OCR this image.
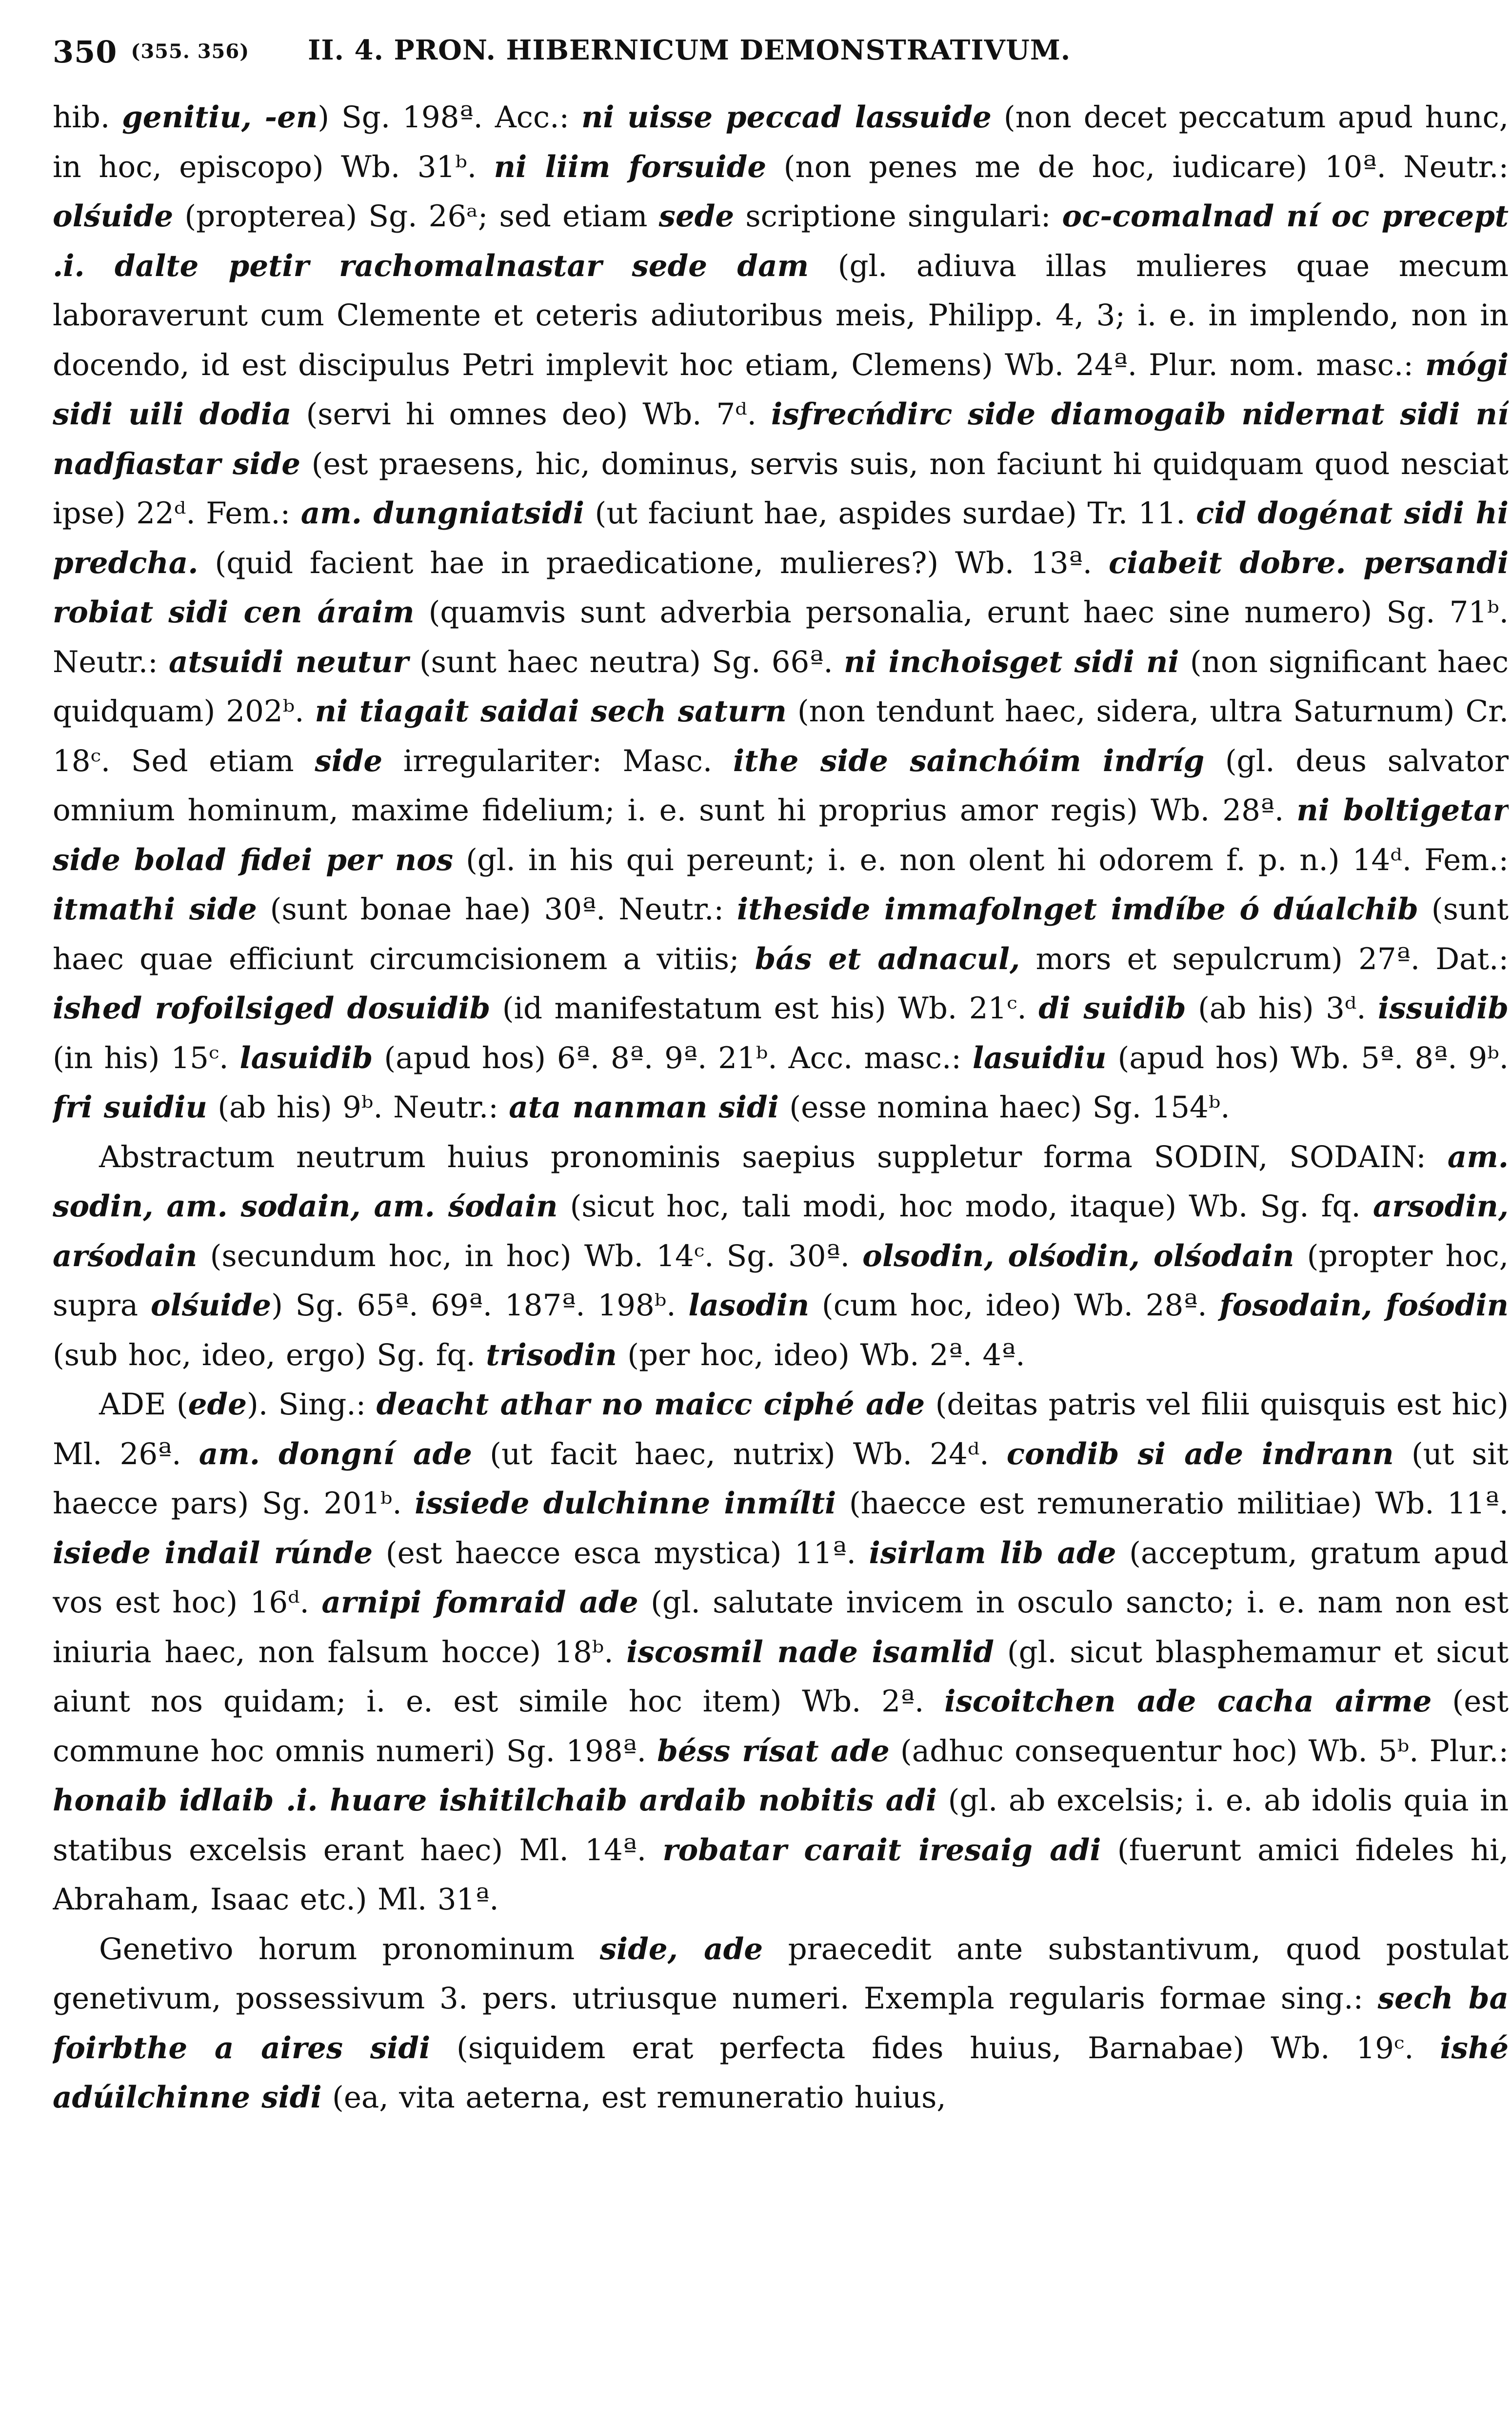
350 (355. 356) II. 4. PRON. HIBERNICUM DEMONSTRATIVUM.

hib. genitiu, -en) Sg. 198ª. Acc.: ni uisse peccad lassuide (non decet peccatum apud hunc, in hoc, episcopo) Wb. 31ᵇ. ni liim forsuide (non penes me de hoc, iudicare) 10ª. Neutr.: olśuide (propterea) Sg. 26ᵃ; sed etiam sede scriptione singulari: oc-comalnad ní oc precept .i. dalte petir rachomalnastar sede dam (gl. adiuva illas mulieres quae mecum laboraverunt cum Clemente et ceteris adiutoribus meis, Philipp. 4, 3; i. e. in implendo, non in docendo, id est discipulus Petri implevit hoc etiam, Clemens) Wb. 24ª. Plur. nom. masc.: mógi sidi uili dodia (servi hi omnes deo) Wb. 7ᵈ. isfrecńdirc side diamogaib nidernat sidi ní nadfiastar side (est praesens, hic, dominus, servis suis, non faciunt hi quidquam quod nesciat ipse) 22ᵈ. Fem.: am. dungniatsidi (ut faciunt hae, aspides surdae) Tr. 11. cid dogénat sidi hi predcha. (quid facient hae in praedicatione, mulieres?) Wb. 13ª. ciabeit dobre. persandi robiat sidi cen áraim (quamvis sunt adverbia personalia, erunt haec sine numero) Sg. 71ᵇ. Neutr.: atsuidi neutur (sunt haec neutra) Sg. 66ª. ni inchoisget sidi ni (non significant haec quidquam) 202ᵇ. ni tiagait saidai sech saturn (non tendunt haec, sidera, ultra Saturnum) Cr. 18ᶜ. Sed etiam side irregulariter: Masc. ithe side sainchóim indríg (gl. deus salvator omnium hominum, maxime fidelium; i. e. sunt hi proprius amor regis) Wb. 28ª. ni boltigetar side bolad fidei per nos (gl. in his qui pereunt; i. e. non olent hi odorem f. p. n.) 14ᵈ. Fem.: itmathi side (sunt bonae hae) 30ª. Neutr.: itheside immafolnget imdíbe ó dúalchib (sunt haec quae efficiunt circumcisionem a vitiis; bás et adnacul, mors et sepulcrum) 27ª. Dat.: ished rofoilsiged dosuidib (id manifestatum est his) Wb. 21ᶜ. di suidib (ab his) 3ᵈ. issuidib (in his) 15ᶜ. lasuidib (apud hos) 6ª. 8ª. 9ª. 21ᵇ. Acc. masc.: lasuidiu (apud hos) Wb. 5ª. 8ª. 9ᵇ. fri suidiu (ab his) 9ᵇ. Neutr.: ata nanman sidi (esse nomina haec) Sg. 154ᵇ.

Abstractum neutrum huius pronominis saepius suppletur forma SODIN, SODAIN: am. sodin, am. sodain, am. śodain (sicut hoc, tali modi, hoc modo, itaque) Wb. Sg. fq. arsodin, arśodain (secundum hoc, in hoc) Wb. 14ᶜ. Sg. 30ª. olsodin, olśodin, olśodain (propter hoc, supra olśuide) Sg. 65ª. 69ª. 187ª. 198ᵇ. lasodin (cum hoc, ideo) Wb. 28ª. fosodain, fośodin (sub hoc, ideo, ergo) Sg. fq. trisodin (per hoc, ideo) Wb. 2ª. 4ª.

ADE (ede). Sing.: deacht athar no maicc ciphé ade (deitas patris vel filii quisquis est hic) Ml. 26ª. am. dongní ade (ut facit haec, nutrix) Wb. 24ᵈ. condib si ade indrann (ut sit haecce pars) Sg. 201ᵇ. issiede dulchinne inmílti (haecce est remuneratio militiae) Wb. 11ª. isiede indail rúnde (est haecce esca mystica) 11ª. isirlam lib ade (acceptum, gratum apud vos est hoc) 16ᵈ. arnipi fomraid ade (gl. salutate invicem in osculo sancto; i. e. nam non est iniuria haec, non falsum hocce) 18ᵇ. iscosmil nade isamlid (gl. sicut blasphemamur et sicut aiunt nos quidam; i. e. est simile hoc item) Wb. 2ª. iscoitchen ade cacha airme (est commune hoc omnis numeri) Sg. 198ª. béss rísat ade (adhuc consequentur hoc) Wb. 5ᵇ. Plur.: honaib idlaib .i. huare ishitilchaib ardaib nobitis adi (gl. ab excelsis; i. e. ab idolis quia in statibus excelsis erant haec) Ml. 14ª. robatar carait iresaig adi (fuerunt amici fideles hi, Abraham, Isaac etc.) Ml. 31ª.

Genetivo horum pronominum side, ade praecedit ante substantivum, quod postulat genetivum, possessivum 3. pers. utriusque numeri. Exempla regularis formae sing.: sech ba foirbthe a aires sidi (siquidem erat perfecta fides huius, Barnabae) Wb. 19ᶜ. ishé adúilchinne sidi (ea, vita aeterna, est remuneratio huius,
